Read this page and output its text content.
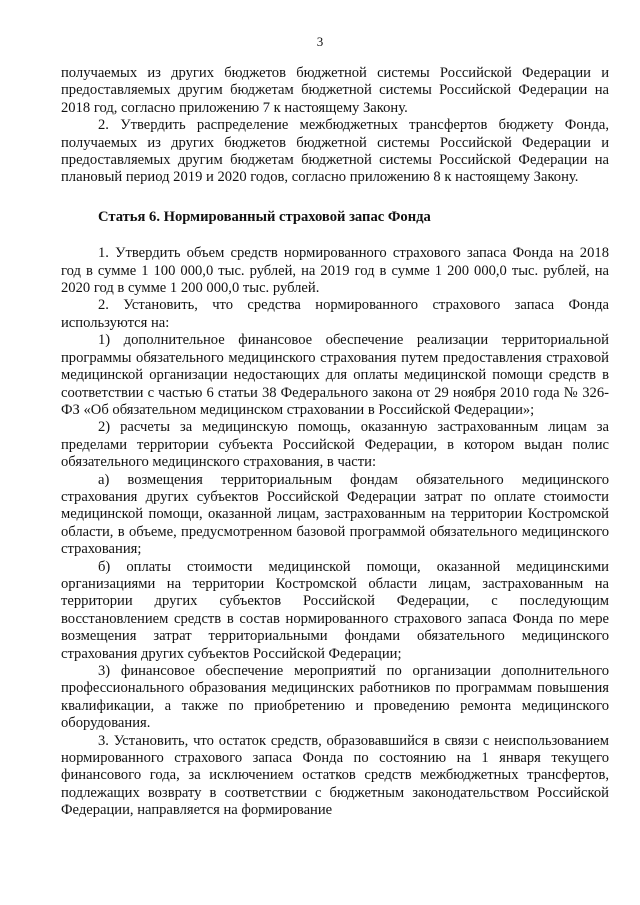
3

получаемых из других бюджетов бюджетной системы Российской Федерации и предоставляемых другим бюджетам бюджетной системы Российской Федерации на 2018 год, согласно приложению 7 к настоящему Закону.

2. Утвердить распределение межбюджетных трансфертов бюджету Фонда, получаемых из других бюджетов бюджетной системы Российской Федерации и предоставляемых другим бюджетам бюджетной системы Российской Федерации на плановый период 2019 и 2020 годов, согласно приложению 8 к настоящему Закону.

Статья 6. Нормированный страховой запас Фонда

1. Утвердить объем средств нормированного страхового запаса Фонда на 2018 год в сумме 1 100 000,0 тыс. рублей, на 2019 год в сумме 1 200 000,0 тыс. рублей, на 2020 год в сумме 1 200 000,0 тыс. рублей.

2. Установить, что средства нормированного страхового запаса Фонда используются на:

1) дополнительное финансовое обеспечение реализации территориальной программы обязательного медицинского страхования путем предоставления страховой медицинской организации недостающих для оплаты медицинской помощи средств в соответствии с частью 6 статьи 38 Федерального закона от 29 ноября 2010 года № 326-ФЗ «Об обязательном медицинском страховании в Российской Федерации»;

2) расчеты за медицинскую помощь, оказанную застрахованным лицам за пределами территории субъекта Российской Федерации, в котором выдан полис обязательного медицинского страхования, в части:

а) возмещения территориальным фондам обязательного медицинского страхования других субъектов Российской Федерации затрат по оплате стоимости медицинской помощи, оказанной лицам, застрахованным на территории Костромской области, в объеме, предусмотренном базовой программой обязательного медицинского страхования;

б) оплаты стоимости медицинской помощи, оказанной медицинскими организациями на территории Костромской области лицам, застрахованным на территории других субъектов Российской Федерации, с последующим восстановлением средств в состав нормированного страхового запаса Фонда по мере возмещения затрат территориальными фондами обязательного медицинского страхования других субъектов Российской Федерации;

3) финансовое обеспечение мероприятий по организации дополнительного профессионального образования медицинских работников по программам повышения квалификации, а также по приобретению и проведению ремонта медицинского оборудования.

3. Установить, что остаток средств, образовавшийся в связи с неиспользованием нормированного страхового запаса Фонда по состоянию на 1 января текущего финансового года, за исключением остатков средств межбюджетных трансфертов, подлежащих возврату в соответствии с бюджетным законодательством Российской Федерации, направляется на формирование
